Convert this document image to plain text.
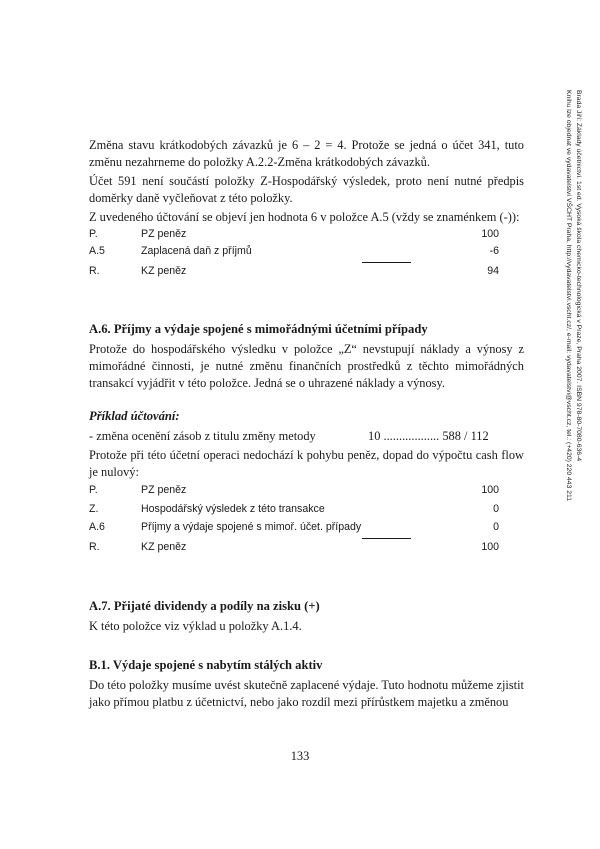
Brada Jiří: Základy účetnictví. 1st ed. Vysoká škola chemicko-technologická v Praze, Praha 2007. ISBN 978-80-7080-636-4
Knihu lze objednat ve vydavatelství VŠCHT Praha, http://vydavatelstvi.vscht.cz/, e-mail: vydavatelstvi@vscht.cz, tel.: (+420) 220 443 211

Změna stavu krátkodobých závazků je 6 – 2 = 4. Protože se jedná o účet 341, tuto změnu nezahrneme do položky A.2.2-Změna krátkodobých závazků.

Účet 591 není součástí položky Z-Hospodářský výsledek, proto není nutné předpis doměrky daně vyčleňovat z této položky.

Z uvedeného účtování se objeví jen hodnota 6 v položce A.5 (vždy se znaménkem (-)):

P.	PZ peněz	100
A.5	Zaplacená daň z příjmů	-6
R.	KZ peněz	94
A.6. Příjmy a výdaje spojené s mimořádnými účetními případy

Protože do hospodářského výsledku v položce „Z“ nevstupují náklady a výnosy z mimořádné činnosti, je nutné změnu finančních prostředků z těchto mimořádných transakcí vyjádřit v této položce. Jedná se o uhrazené náklady a výnosy.

Příklad účtování:
- změna ocenění zásob z titulu změny metody	10 .................. 588 / 112

Protože při této účetní operaci nedochází k pohybu peněz, dopad do výpočtu cash flow je nulový:

P.	PZ peněz	100
Z.	Hospodářský výsledek z této transakce	0
A.6	Příjmy a výdaje spojené s mimoř. účet. případy	0
R.	KZ peněz	100
A.7. Přijaté dividendy a podíly na zisku (+)

K této položce viz výklad u položky A.1.4.

B.1. Výdaje spojené s nabytím stálých aktiv

Do této položky musíme uvést skutečně zaplacené výdaje. Tuto hodnotu můžeme zjistit jako přímou platbu z účetnictví, nebo jako rozdíl mezi přírůstkem majetku a změnou

133
